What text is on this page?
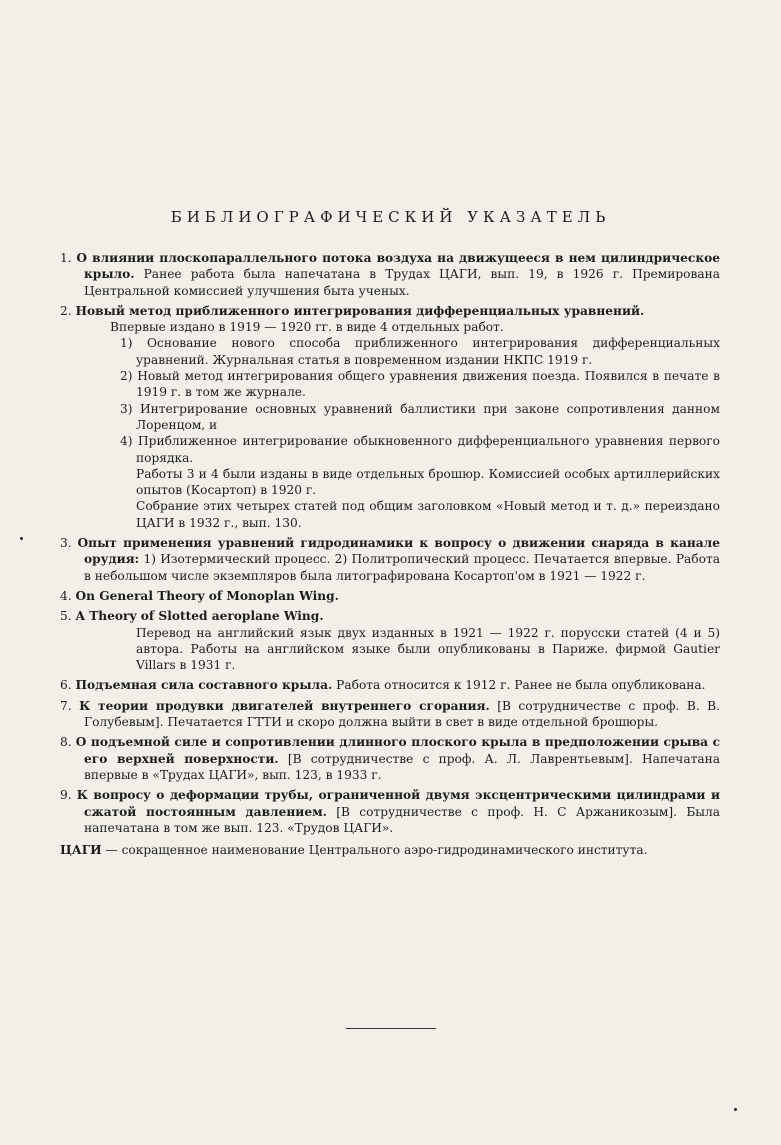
БИБЛИОГРАФИЧЕСКИЙ УКАЗАТЕЛЬ

1. О влиянии плоскопараллельного потока воздуха на движущееся в нем цилиндрическое крыло. Ранее работа была напечатана в Трудах ЦАГИ, вып. 19, в 1926 г. Премирована Центральной комиссией улучшения быта ученых.

2. Новый метод приближенного интегрирования дифференциальных уравнений.

Впервые издано в 1919 — 1920 гг. в виде 4 отдельных работ.

1) Основание нового способа приближенного интегрирования дифференциальных уравнений. Журнальная статья в повременном издании НКПС 1919 г.

2) Новый метод интегрирования общего уравнения движения поезда. Появился в печате в 1919 г. в том же журнале.

3) Интегрирование основных уравнений баллистики при законе сопротивления данном Лоренцом, и

4) Приближенное интегрирование обыкновенного дифференциального уравнения первого порядка.

Работы 3 и 4 были изданы в виде отдельных брошюр. Комиссией особых артиллерийских опытов (Косартоп) в 1920 г.

Собрание этих четырех статей под общим заголовком «Новый метод и т. д.» переиздано ЦАГИ в 1932 г., вып. 130.

3. Опыт применения уравнений гидродинамики к вопросу о движении снаряда в канале орудия: 1) Изотермический процесс. 2) Политропический процесс. Печатается впервые. Работа в небольшом числе экземпляров была литографирована Косартоп'ом в 1921 — 1922 г.

4. On General Theory of Monoplan Wing.

5. A Theory of Slotted aeroplane Wing.

Перевод на английский язык двух изданных в 1921 — 1922 г. порусски статей (4 и 5) автора. Работы на английском языке были опубликованы в Париже. фирмой Gautier Villars в 1931 г.

6. Подъемная сила составного крыла. Работа относится к 1912 г. Ранее не была опубликована.

7. К теории продувки двигателей внутреннего сгорания. [В сотрудничестве с проф. В. В. Голубевым]. Печатается ГТТИ и скоро должна выйти в свет в виде отдельной брошюры.

8. О подъемной силе и сопротивлении длинного плоского крыла в предположении срыва с его верхней поверхности. [В сотрудничестве с проф. А. Л. Лаврентьевым]. Напечатана впервые в «Трудах ЦАГИ», вып. 123, в 1933 г.

9. К вопросу о деформации трубы, ограниченной двумя эксцентрическими цилиндрами и сжатой постоянным давлением. [В сотрудничестве с проф. Н. С Аржаникозым]. Была напечатана в том же вып. 123. «Трудов ЦАГИ».

ЦАГИ — сокращенное наименование Центрального аэро-гидродинамического института.
